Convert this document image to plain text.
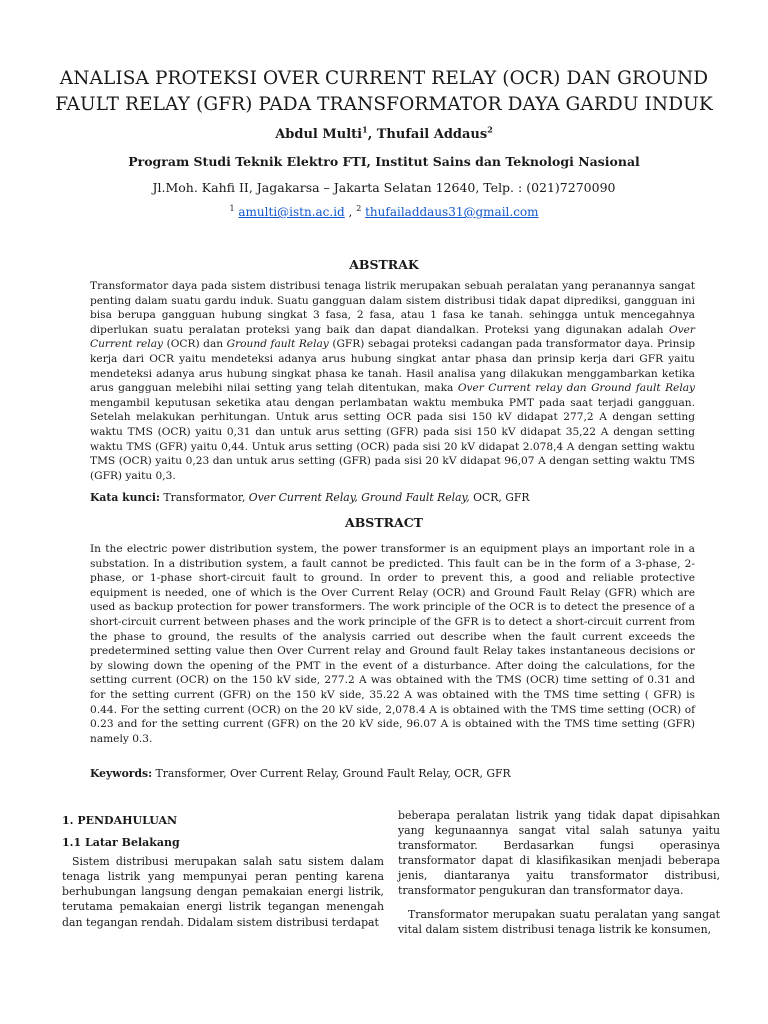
ANALISA PROTEKSI OVER CURRENT RELAY (OCR) DAN GROUND
FAULT RELAY (GFR) PADA TRANSFORMATOR DAYA GARDU INDUK
Abdul Multi$^1$, Thufail Addaus$^2$
Program Studi Teknik Elektro FTI, Institut Sains dan Teknologi Nasional
Jl.Moh. Kahfi II, Jagakarsa – Jakarta Selatan 12640, Telp. : (021)7270090
$^1$ amulti@istn.ac.id , $^2$ thufailaddaus31@gmail.com
ABSTRAK
Transformator daya pada sistem distribusi tenaga listrik merupakan sebuah peralatan yang peranannya sangat penting dalam suatu gardu induk. Suatu gangguan dalam sistem distribusi tidak dapat diprediksi, gangguan ini bisa berupa gangguan hubung singkat 3 fasa, 2 fasa, atau 1 fasa ke tanah. sehingga untuk mencegahnya diperlukan suatu peralatan proteksi yang baik dan dapat diandalkan. Proteksi yang digunakan adalah Over Current relay (OCR) dan Ground fault Relay (GFR) sebagai proteksi cadangan pada transformator daya. Prinsip kerja dari OCR yaitu mendeteksi adanya arus hubung singkat antar phasa dan prinsip kerja dari GFR yaitu mendeteksi adanya arus hubung singkat phasa ke tanah. Hasil analisa yang dilakukan menggambarkan ketika arus gangguan melebihi nilai setting yang telah ditentukan, maka Over Current relay dan Ground fault Relay mengambil keputusan seketika atau dengan perlambatan waktu membuka PMT pada saat terjadi gangguan. Setelah melakukan perhitungan. Untuk arus setting OCR pada sisi 150 kV didapat 277,2 A dengan setting waktu TMS (OCR) yaitu 0,31 dan untuk arus setting (GFR) pada sisi 150 kV didapat 35,22 A dengan setting waktu TMS (GFR) yaitu 0,44. Untuk arus setting (OCR) pada sisi 20 kV didapat 2.078,4 A dengan setting waktu TMS (OCR) yaitu 0,23 dan untuk arus setting (GFR) pada sisi 20 kV didapat 96,07 A dengan setting waktu TMS (GFR) yaitu 0,3.
Kata kunci: Transformator, Over Current Relay, Ground Fault Relay, OCR, GFR
ABSTRACT
In the electric power distribution system, the power transformer is an equipment plays an important role in a substation. In a distribution system, a fault cannot be predicted. This fault can be in the form of a 3-phase, 2-phase, or 1-phase short-circuit fault to ground. In order to prevent this, a good and reliable protective equipment is needed, one of which is the Over Current Relay (OCR) and Ground Fault Relay (GFR) which are used as backup protection for power transformers. The work principle of the OCR is to detect the presence of a short-circuit current between phases and the work principle of the GFR is to detect a short-circuit current from the phase to ground, the results of the analysis carried out describe when the fault current exceeds the predetermined setting value then Over Current relay and Ground fault Relay takes instantaneous decisions or by slowing down the opening of the PMT in the event of a disturbance. After doing the calculations, for the setting current (OCR) on the 150 kV side, 277.2 A was obtained with the TMS (OCR) time setting of 0.31 and for the setting current (GFR) on the 150 kV side, 35.22 A was obtained with the TMS time setting ( GFR) is 0.44. For the setting current (OCR) on the 20 kV side, 2,078.4 A is obtained with the TMS time setting (OCR) of 0.23 and for the setting current (GFR) on the 20 kV side, 96.07 A is obtained with the TMS time setting (GFR) namely 0.3.
Keywords: Transformer, Over Current Relay, Ground Fault Relay, OCR, GFR
1. PENDAHULUAN
1.1 Latar Belakang

Sistem distribusi merupakan salah satu sistem dalam tenaga listrik yang mempunyai peran penting karena berhubungan langsung dengan pemakaian energi listrik, terutama pemakaian energi listrik tegangan menengah dan tegangan rendah. Didalam sistem distribusi terdapat

beberapa peralatan listrik yang tidak dapat dipisahkan yang kegunaannya sangat vital salah satunya yaitu transformator. Berdasarkan fungsi operasinya transformator dapat di klasifikasikan menjadi beberapa jenis, diantaranya yaitu transformator distribusi, transformator pengukuran dan transformator daya.

Transformator merupakan suatu peralatan yang sangat vital dalam sistem distribusi tenaga listrik ke konsumen,
